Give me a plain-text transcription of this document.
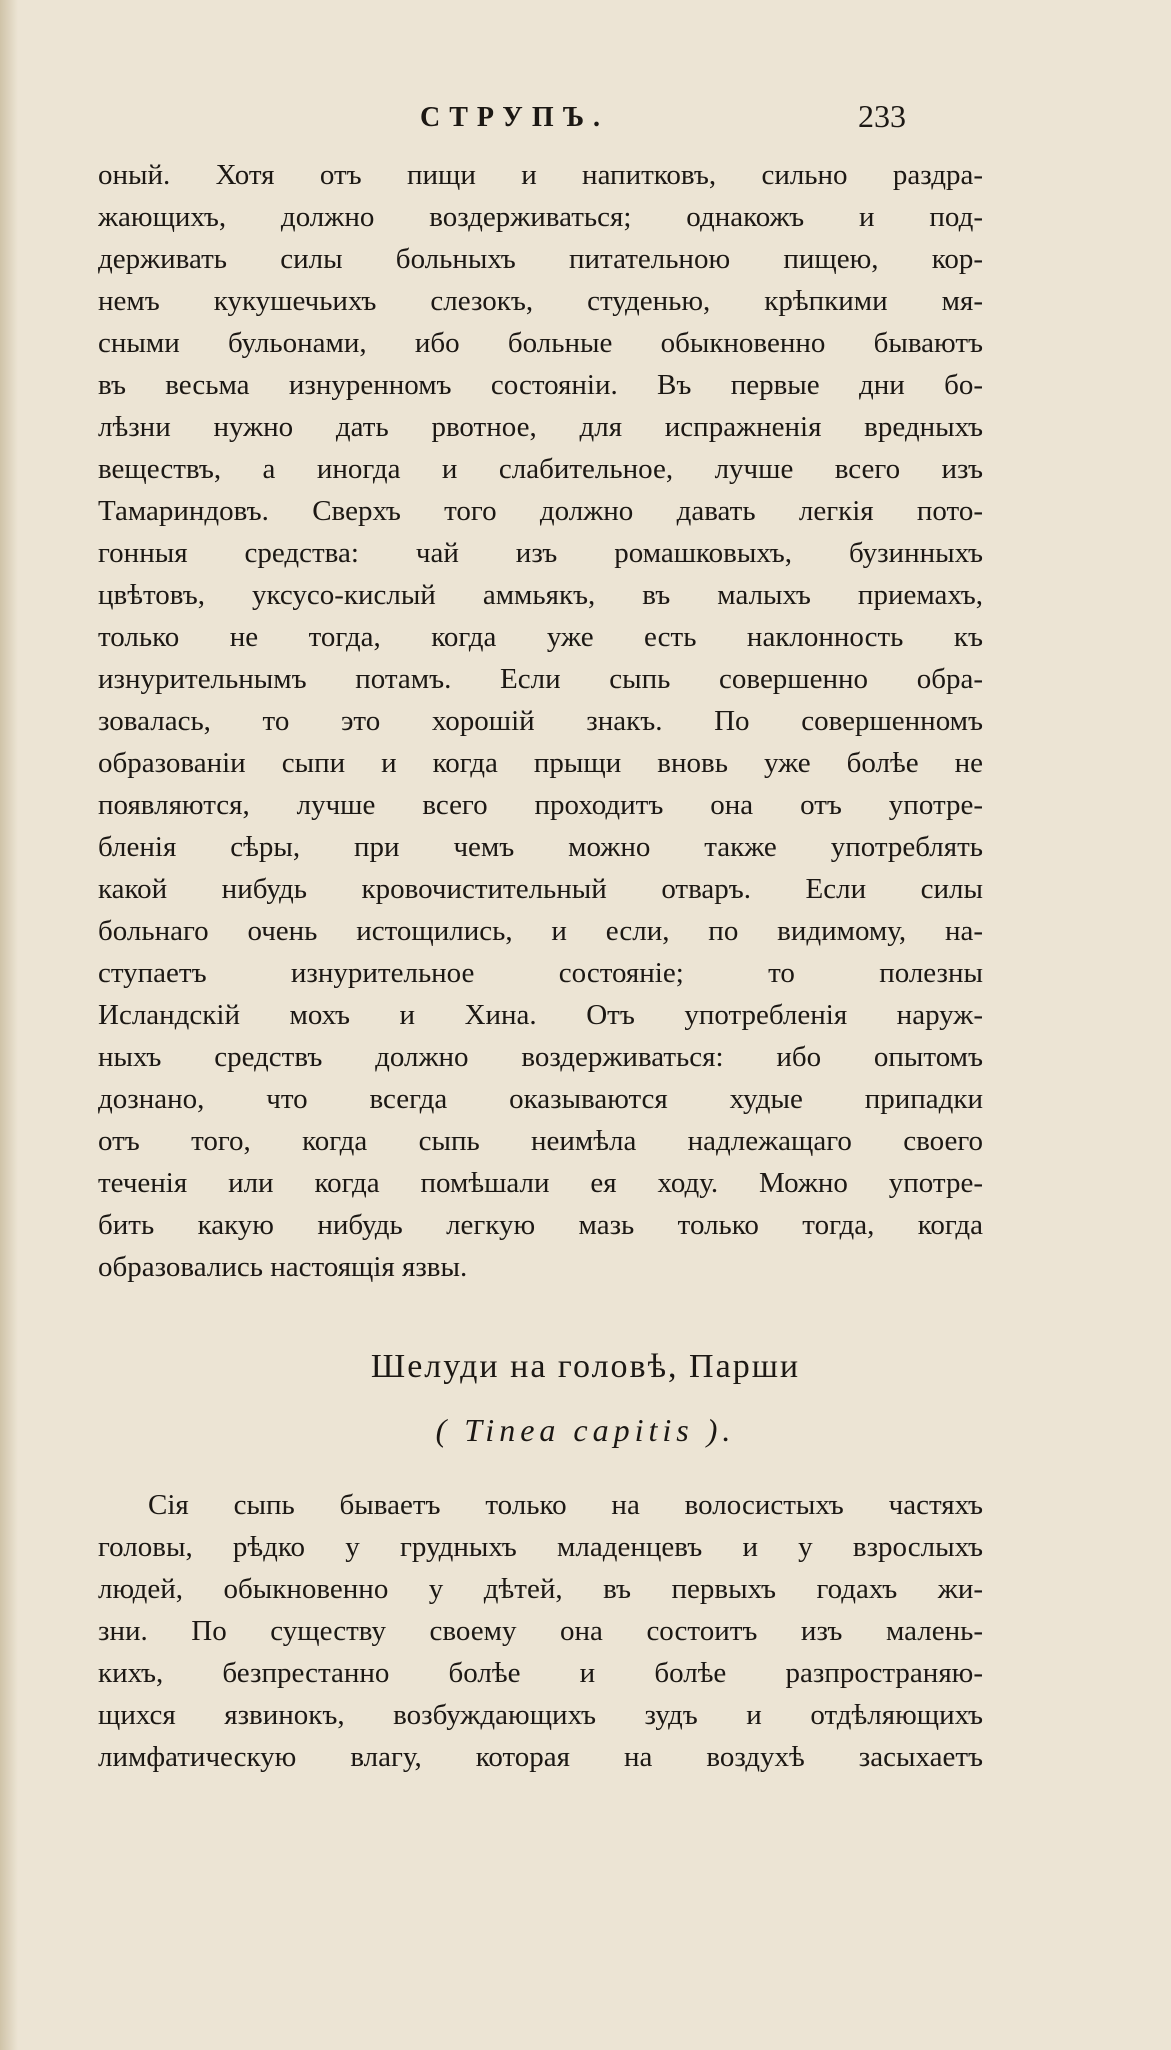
СТРУПЪ.	233
оный. Хотя отъ пищи и напитковъ, сильно раздра-
жающихъ, должно воздерживаться; однакожъ и под-
держивать силы больныхъ питательною пищею, кор-
немъ кукушечьихъ слезокъ, студенью, крѣпкими мя-
сными бульонами, ибо больные обыкновенно бываютъ
въ весьма изнуренномъ состояніи. Въ первые дни бо-
лѣзни нужно дать рвотное, для испражненія вредныхъ
веществъ, а иногда и слабительное, лучше всего изъ
Тамариндовъ. Сверхъ того должно давать легкія пото-
гонныя средства: чай изъ ромашковыхъ, бузинныхъ
цвѣтовъ, уксусо-кислый аммьякъ, въ малыхъ приемахъ,
только не тогда, когда уже есть наклонность къ
изнурительнымъ потамъ. Если сыпь совершенно обра-
зовалась, то это хорошій знакъ. По совершенномъ
образованіи сыпи и когда прыщи вновь уже болѣе не
появляются, лучше всего проходитъ она отъ употре-
бленія сѣры, при чемъ можно также употреблять
какой нибудь кровочистительный отваръ. Если силы
больнаго очень истощились, и если, по видимому, на-
ступаетъ изнурительное состояніе; то полезны
Исландскій мохъ и Хина. Отъ употребленія наруж-
ныхъ средствъ должно воздерживаться: ибо опытомъ
дознано, что всегда оказываются худые припадки
отъ того, когда сыпь неимѣла надлежащаго своего
теченія или когда помѣшали ея ходу. Можно употре-
бить какую нибудь легкую мазь только тогда, когда
образовались настоящія язвы.
Шелуди на головѣ, Парши
( Tinea capitis ).
Сія сыпь бываетъ только на волосистыхъ частяхъ
головы, рѣдко у грудныхъ младенцевъ и у взрослыхъ
людей, обыкновенно у дѣтей, въ первыхъ годахъ жи-
зни. По существу своему она состоитъ изъ малень-
кихъ, безпрестанно болѣе и болѣе разпространяю-
щихся язвинокъ, возбуждающихъ зудъ и отдѣляющихъ
лимфатическую влагу, которая на воздухѣ засыхаетъ
